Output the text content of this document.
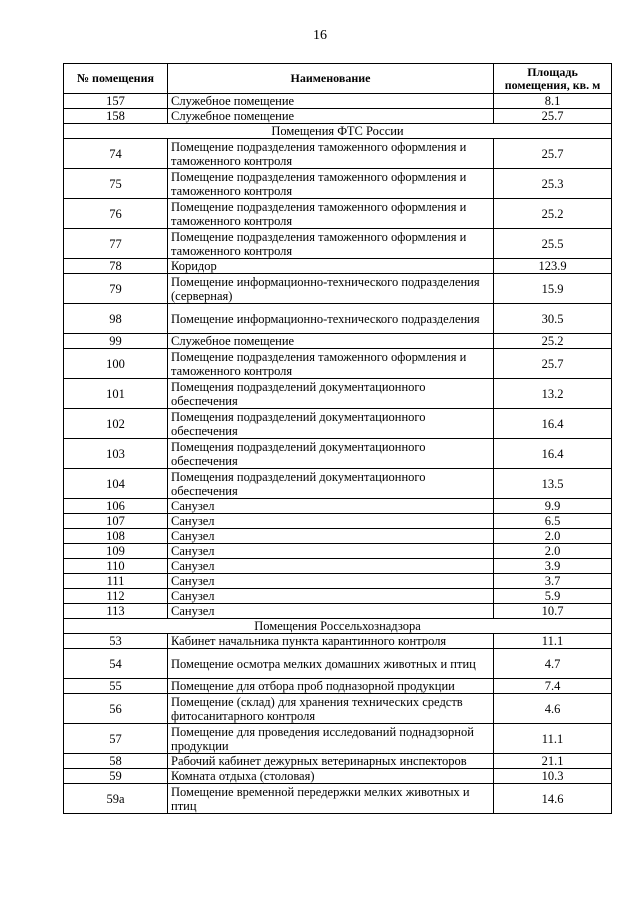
16
№ помещения	Наименование	Площадь помещения, кв. м
157	Служебное помещение	8.1
158	Служебное помещение	25.7
Помещения ФТС России		
74	Помещение подразделения таможенного оформления и таможенного контроля	25.7
75	Помещение подразделения таможенного оформления и таможенного контроля	25.3
76	Помещение подразделения таможенного оформления и таможенного контроля	25.2
77	Помещение подразделения таможенного оформления и таможенного контроля	25.5
78	Коридор	123.9
79	Помещение информационно-технического подразделения (серверная)	15.9
98	Помещение информационно-технического подразделения	30.5
99	Служебное помещение	25.2
100	Помещение подразделения таможенного оформления и таможенного контроля	25.7
101	Помещения подразделений документационного обеспечения	13.2
102	Помещения подразделений документационного обеспечения	16.4
103	Помещения подразделений документационного обеспечения	16.4
104	Помещения подразделений документационного обеспечения	13.5
106	Санузел	9.9
107	Санузел	6.5
108	Санузел	2.0
109	Санузел	2.0
110	Санузел	3.9
111	Санузел	3.7
112	Санузел	5.9
113	Санузел	10.7
Помещения Россельхознадзора		
53	Кабинет начальника пункта карантинного контроля	11.1
54	Помещение осмотра мелких домашних животных и птиц	4.7
55	Помещение для отбора проб подназорной продукции	7.4
56	Помещение (склад) для хранения технических средств фитосанитарного контроля	4.6
57	Помещение для проведения исследований поднадзорной продукции	11.1
58	Рабочий кабинет дежурных ветеринарных инспекторов	21.1
59	Комната отдыха (столовая)	10.3
59а	Помещение временной передержки мелких животных и птиц	14.6
